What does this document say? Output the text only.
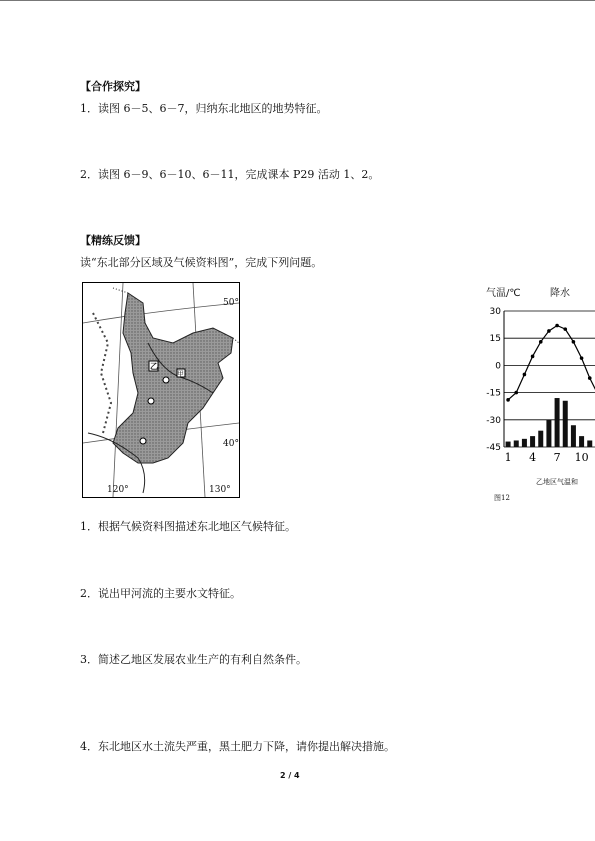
【合作探究】
1．读图 6－5、6－7，归纳东北地区的地势特征。
2．读图 6－9、6－10、6－11，完成课本 P29 活动 1、2。
【精练反馈】
读“东北部分区域及气候资料图”，完成下列问题。
50°
40°
120°	130°
乙
甲
30
15
0
-15
-30
-45
1 4 7 10
气温/℃	降水
乙地区气温和
图12
1．根据气候资料图描述东北地区气候特征。
2．说出甲河流的主要水文特征。
3．简述乙地区发展农业生产的有利自然条件。
4．东北地区水土流失严重，黑土肥力下降，请你提出解决措施。
2 / 4
